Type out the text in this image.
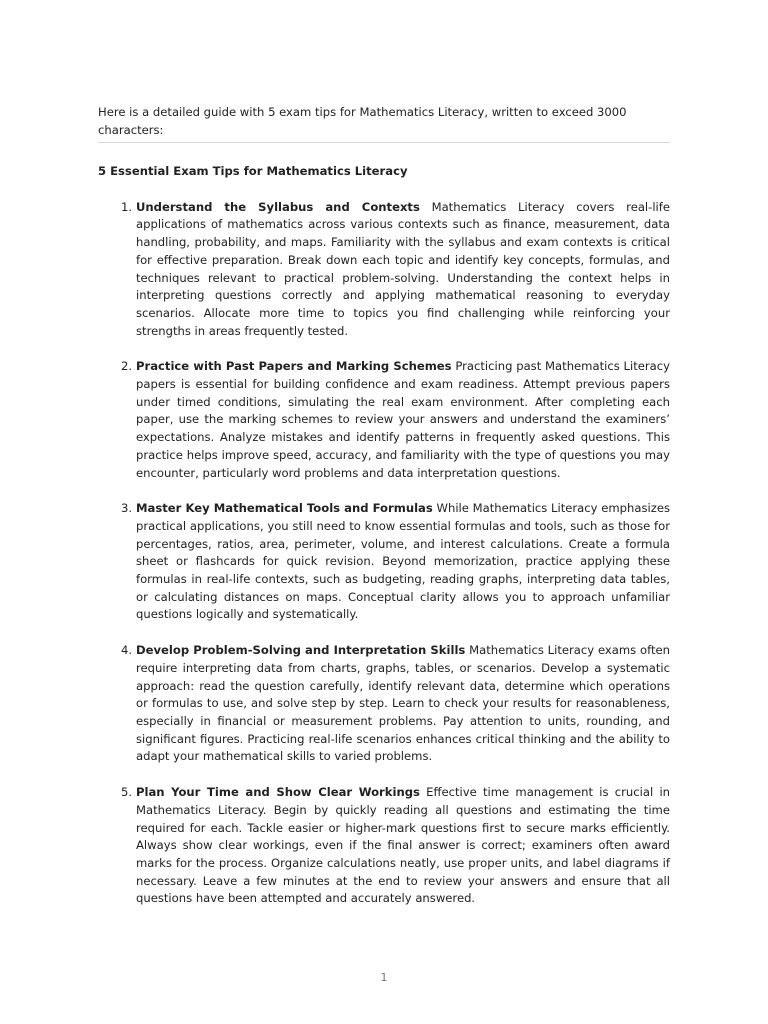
Here is a detailed guide with 5 exam tips for Mathematics Literacy, written to exceed 3000 characters:

5 Essential Exam Tips for Mathematics Literacy

1. Understand the Syllabus and Contexts Mathematics Literacy covers real-life applications of mathematics across various contexts such as finance, measurement, data handling, probability, and maps. Familiarity with the syllabus and exam contexts is critical for effective preparation. Break down each topic and identify key concepts, formulas, and techniques relevant to practical problem-solving. Understanding the context helps in interpreting questions correctly and applying mathematical reasoning to everyday scenarios. Allocate more time to topics you find challenging while reinforcing your strengths in areas frequently tested.
2. Practice with Past Papers and Marking Schemes Practicing past Mathematics Literacy papers is essential for building confidence and exam readiness. Attempt previous papers under timed conditions, simulating the real exam environment. After completing each paper, use the marking schemes to review your answers and understand the examiners’ expectations. Analyze mistakes and identify patterns in frequently asked questions. This practice helps improve speed, accuracy, and familiarity with the type of questions you may encounter, particularly word problems and data interpretation questions.
3. Master Key Mathematical Tools and Formulas While Mathematics Literacy emphasizes practical applications, you still need to know essential formulas and tools, such as those for percentages, ratios, area, perimeter, volume, and interest calculations. Create a formula sheet or flashcards for quick revision. Beyond memorization, practice applying these formulas in real-life contexts, such as budgeting, reading graphs, interpreting data tables, or calculating distances on maps. Conceptual clarity allows you to approach unfamiliar questions logically and systematically.
4. Develop Problem-Solving and Interpretation Skills Mathematics Literacy exams often require interpreting data from charts, graphs, tables, or scenarios. Develop a systematic approach: read the question carefully, identify relevant data, determine which operations or formulas to use, and solve step by step. Learn to check your results for reasonableness, especially in financial or measurement problems. Pay attention to units, rounding, and significant figures. Practicing real-life scenarios enhances critical thinking and the ability to adapt your mathematical skills to varied problems.
5. Plan Your Time and Show Clear Workings Effective time management is crucial in Mathematics Literacy. Begin by quickly reading all questions and estimating the time required for each. Tackle easier or higher-mark questions first to secure marks efficiently. Always show clear workings, even if the final answer is correct; examiners often award marks for the process. Organize calculations neatly, use proper units, and label diagrams if necessary. Leave a few minutes at the end to review your answers and ensure that all questions have been attempted and accurately answered.

1
